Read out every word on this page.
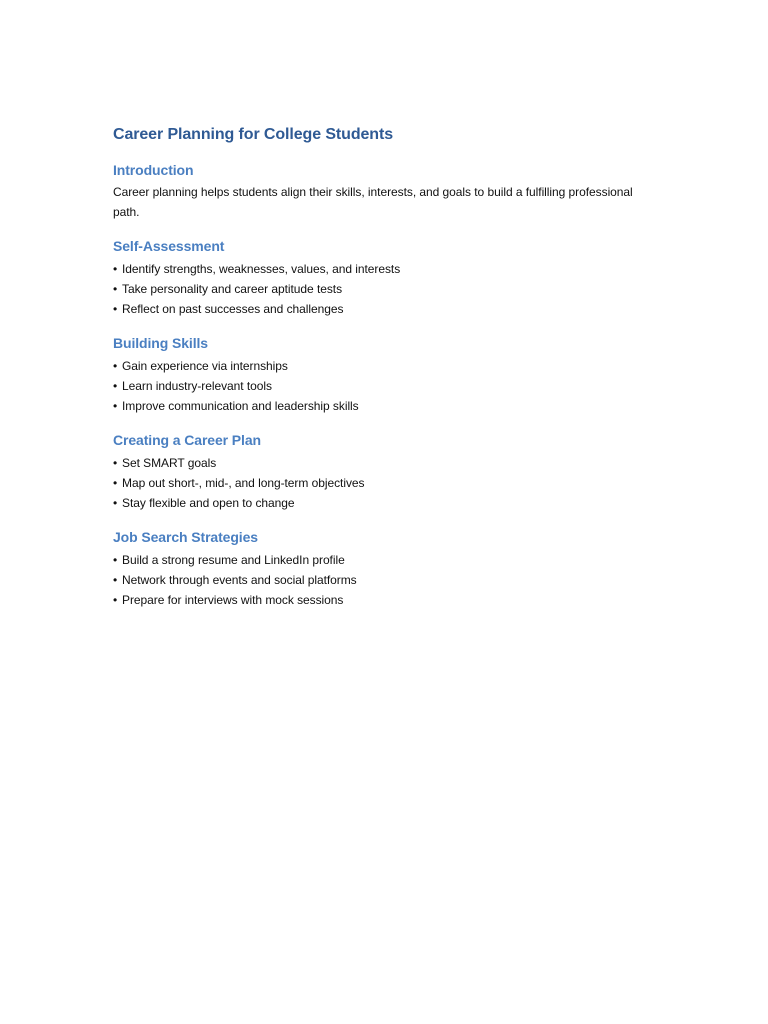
Career Planning for College Students
Introduction

Career planning helps students align their skills, interests, and goals to build a fulfilling professional path.

Self-Assessment
• Identify strengths, weaknesses, values, and interests
• Take personality and career aptitude tests
• Reflect on past successes and challenges
Building Skills
• Gain experience via internships
• Learn industry-relevant tools
• Improve communication and leadership skills
Creating a Career Plan
• Set SMART goals
• Map out short-, mid-, and long-term objectives
• Stay flexible and open to change
Job Search Strategies
• Build a strong resume and LinkedIn profile
• Network through events and social platforms
• Prepare for interviews with mock sessions
